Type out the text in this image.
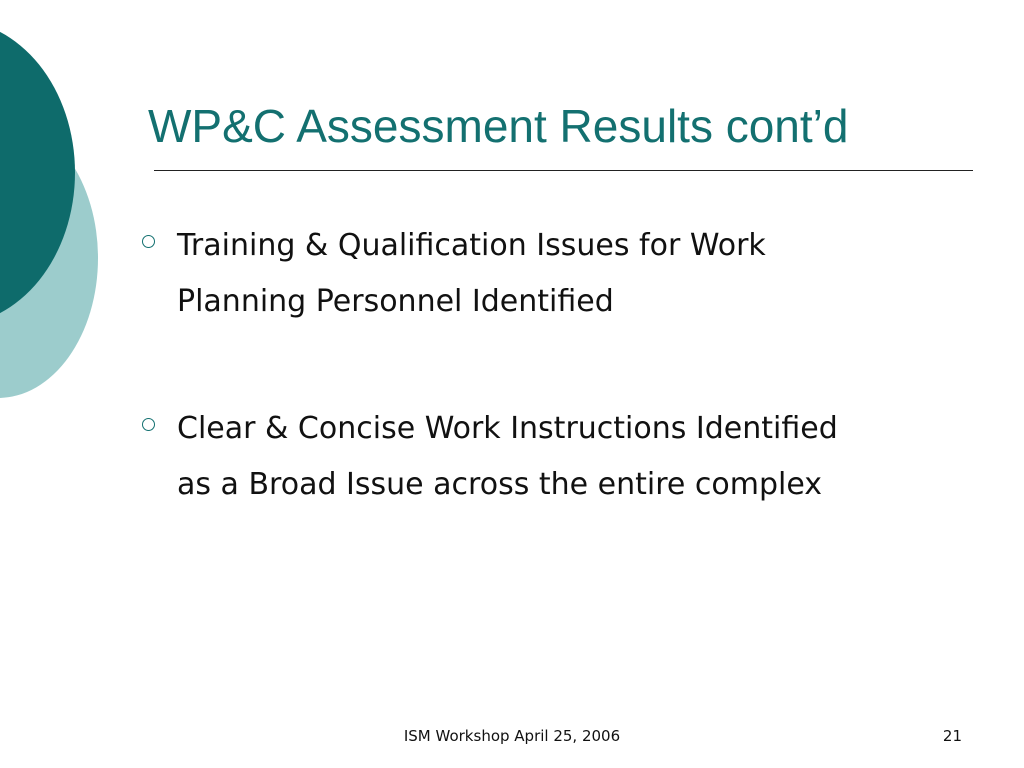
WP&C Assessment Results cont’d
Training & Qualification Issues for Work
Planning Personnel Identified
Clear & Concise Work Instructions Identified
as a Broad Issue across the entire complex
ISM Workshop April 25, 2006	21
